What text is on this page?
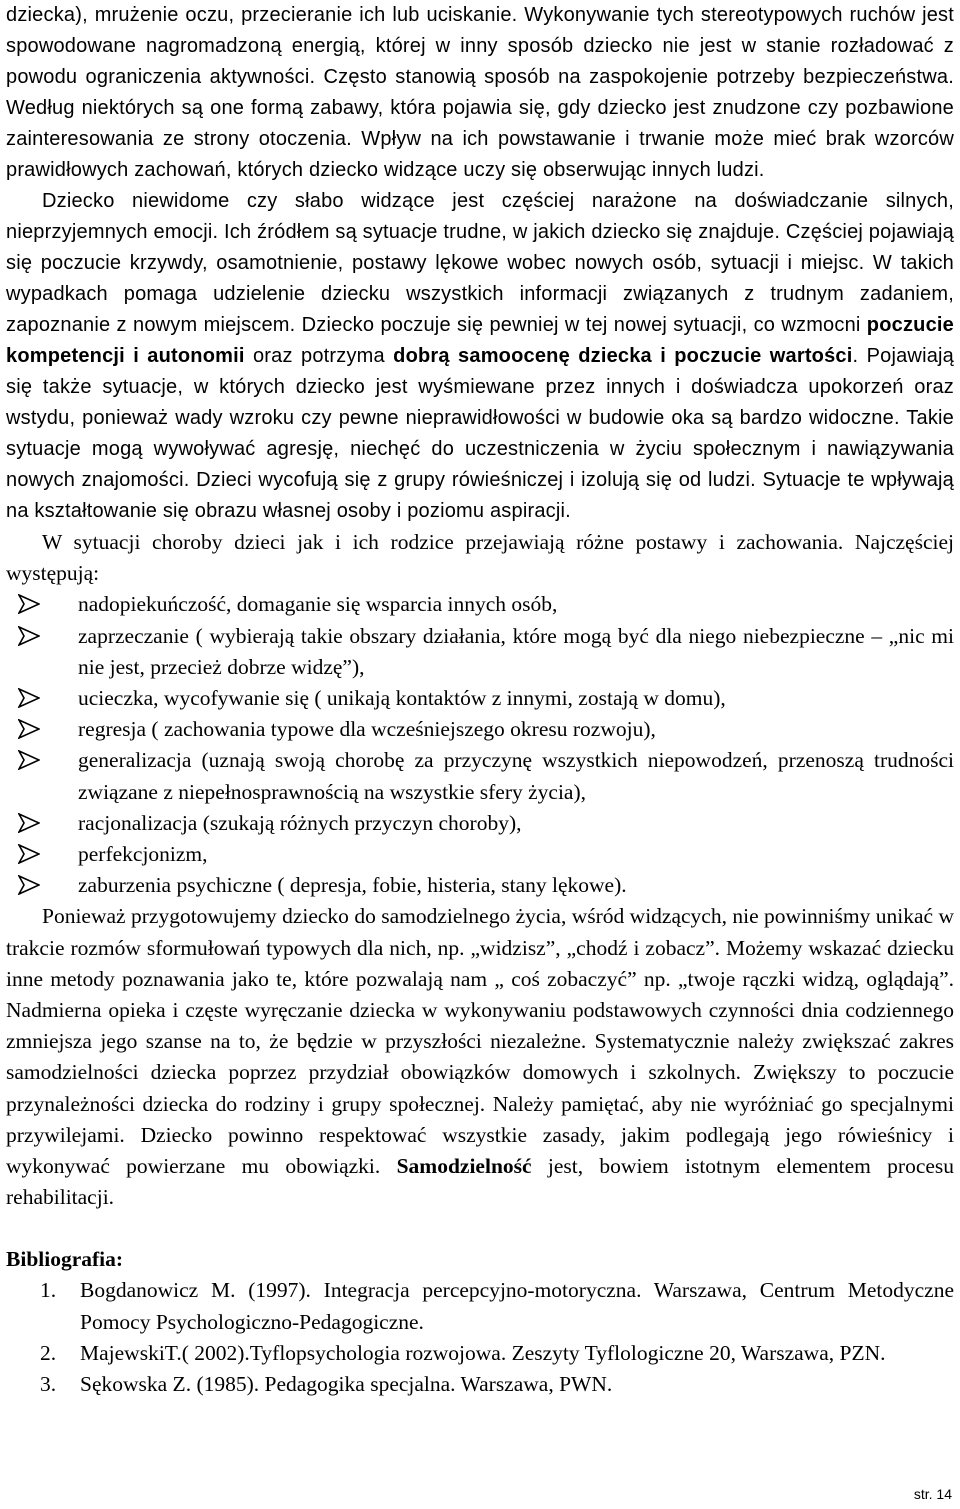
dziecka), mrużenie oczu, przecieranie ich lub uciskanie. Wykonywanie tych stereotypowych ruchów jest spowodowane nagromadzoną energią, której w inny sposób dziecko nie jest w stanie rozładować z powodu ograniczenia aktywności. Często stanowią sposób na zaspokojenie potrzeby bezpieczeństwa. Według niektórych są one formą zabawy, która pojawia się, gdy dziecko jest znudzone czy pozbawione zainteresowania ze strony otoczenia. Wpływ na ich powstawanie i trwanie może mieć brak wzorców prawidłowych zachowań, których dziecko widzące uczy się obserwując innych ludzi.

Dziecko niewidome czy słabo widzące jest częściej narażone na doświadczanie silnych, nieprzyjemnych emocji. Ich źródłem są sytuacje trudne, w jakich dziecko się znajduje. Częściej pojawiają się poczucie krzywdy, osamotnienie, postawy lękowe wobec nowych osób, sytuacji i miejsc. W takich wypadkach pomaga udzielenie dziecku wszystkich informacji związanych z trudnym zadaniem, zapoznanie z nowym miejscem. Dziecko poczuje się pewniej w tej nowej sytuacji, co wzmocni poczucie kompetencji i autonomii oraz potrzyma dobrą samoocenę dziecka i poczucie wartości. Pojawiają się także sytuacje, w których dziecko jest wyśmiewane przez innych i doświadcza upokorzeń oraz wstydu, ponieważ wady wzroku czy pewne nieprawidłowości w budowie oka są bardzo widoczne. Takie sytuacje mogą wywoływać agresję, niechęć do uczestniczenia w życiu społecznym i nawiązywania nowych znajomości. Dzieci wycofują się z grupy rówieśniczej i izolują się od ludzi. Sytuacje te wpływają na kształtowanie się obrazu własnej osoby i poziomu aspiracji.

W sytuacji choroby dzieci jak i ich rodzice przejawiają różne postawy i zachowania. Najczęściej występują:

nadopiekuńczość, domaganie się wsparcia innych osób,
zaprzeczanie ( wybierają takie obszary działania, które mogą być dla niego niebezpieczne – „nic mi nie jest, przecież dobrze widzę”),
ucieczka, wycofywanie się ( unikają kontaktów z innymi, zostają w domu),
regresja ( zachowania typowe dla wcześniejszego okresu rozwoju),
generalizacja (uznają swoją chorobę za przyczynę wszystkich niepowodzeń, przenoszą trudności związane z niepełnosprawnością na wszystkie sfery życia),
racjonalizacja (szukają różnych przyczyn choroby),
perfekcjonizm,
zaburzenia psychiczne ( depresja, fobie, histeria, stany lękowe).

Ponieważ przygotowujemy dziecko do samodzielnego życia, wśród widzących, nie powinniśmy unikać w trakcie rozmów sformułowań typowych dla nich, np. „widzisz”, „chodź i zobacz”. Możemy wskazać dziecku inne metody poznawania jako te, które pozwalają nam „ coś zobaczyć” np. „twoje rączki widzą, oglądają”. Nadmierna opieka i częste wyręczanie dziecka w wykonywaniu podstawowych czynności dnia codziennego zmniejsza jego szanse na to, że będzie w przyszłości niezależne. Systematycznie należy zwiększać zakres samodzielności dziecka poprzez przydział obowiązków domowych i szkolnych. Zwiększy to poczucie przynależności dziecka do rodziny i grupy społecznej. Należy pamiętać, aby nie wyróżniać go specjalnymi przywilejami. Dziecko powinno respektować wszystkie zasady, jakim podlegają jego rówieśnicy i wykonywać powierzane mu obowiązki. Samodzielność jest, bowiem istotnym elementem procesu rehabilitacji.

Bibliografia:
1. Bogdanowicz M. (1997). Integracja percepcyjno-motoryczna. Warszawa, Centrum Metodyczne Pomocy Psychologiczno-Pedagogiczne.
2. MajewskiT.( 2002).Tyflopsychologia rozwojowa. Zeszyty Tyflologiczne 20, Warszawa, PZN.
3. Sękowska Z. (1985). Pedagogika specjalna. Warszawa, PWN.
str. 14
